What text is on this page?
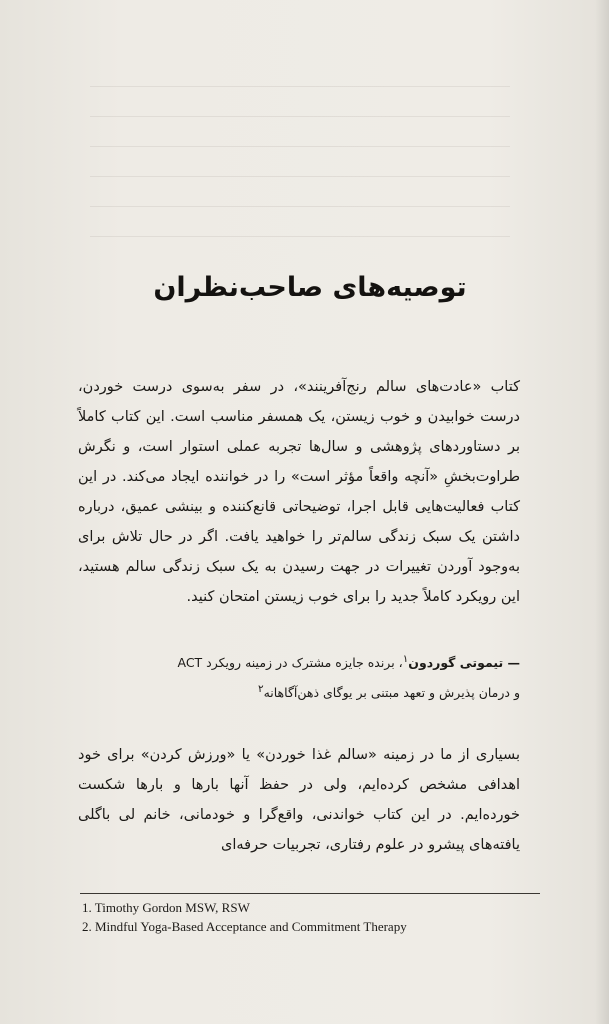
توصیه‌های صاحب‌نظران
کتاب «عادت‌های سالم رنج‌آفرینند»، در سفر به‌سوی درست خوردن، درست خوابیدن و خوب زیستن، یک همسفر مناسب است. این کتاب کاملاً بر دستاوردهای پژوهشی و سال‌ها تجربه عملی استوار است، و نگرش طراوت‌بخشِ «آنچه واقعاً مؤثر است» را در خواننده ایجاد می‌کند. در این کتاب فعالیت‌هایی قابل اجرا، توضیحاتی قانع‌کننده و بینشی عمیق، درباره داشتن یک سبک زندگی سالم‌تر را خواهید یافت. اگر در حال تلاش برای به‌وجود آوردن تغییرات در جهت رسیدن به یک سبک زندگی سالم هستید، این رویکرد کاملاً جدید را برای خوب زیستن امتحان کنید.
— تیموتی گوردون$^۱$، برنده جایزه مشترک در زمینه رویکرد ACT
و درمان پذیرش و تعهد مبتنی بر یوگای ذهن‌آگاهانه$^۲$
بسیاری از ما در زمینه «سالم غذا خوردن» یا «ورزش کردن» برای خود اهدافی مشخص کرده‌ایم، ولی در حفظ آنها بارها و بارها شکست خورده‌ایم. در این کتاب خواندنی، واقع‌گرا و خودمانی، خانم لی باگلی یافته‌های پیشرو در علوم رفتاری، تجربیات حرفه‌ای
1. Timothy Gordon MSW, RSW
2. Mindful Yoga-Based Acceptance and Commitment Therapy
